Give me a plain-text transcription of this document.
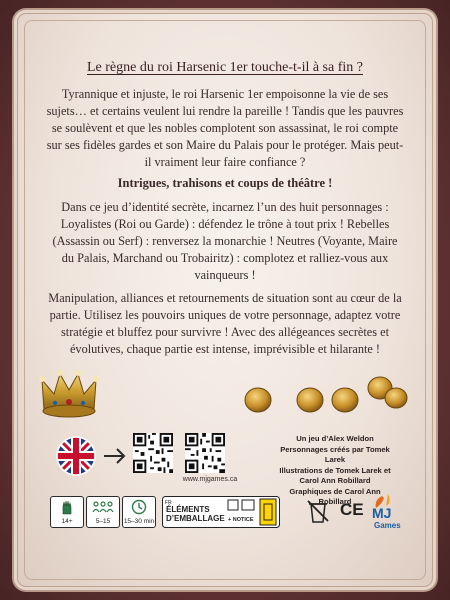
Le règne du roi Harsenic 1er touche-t-il à sa fin ?
Tyrannique et injuste, le roi Harsenic 1er empoisonne la vie de ses sujets… et certains veulent lui rendre la pareille ! Tandis que les pauvres se soulèvent et que les nobles complotent son assassinat, le roi compte sur ses fidèles gardes et son Maire du Palais pour le protéger. Mais peut-il vraiment leur faire confiance ?
Intrigues, trahisons et coups de théâtre !
Dans ce jeu d’identité secrète, incarnez l’un des huit personnages : Loyalistes (Roi ou Garde) : défendez le trône à tout prix ! Rebelles (Assassin ou Serf) : renversez la monarchie ! Neutres (Voyante, Maire du Palais, Marchand ou Trobairitz) : complotez et ralliez-vous aux vainqueurs !
Manipulation, alliances et retournements de situation sont au cœur de la partie. Utilisez les pouvoirs uniques de votre personnage, adaptez votre stratégie et bluffez pour survivre ! Avec des allégeances secrètes et évolutives, chaque partie est intense, imprévisible et hilarante !
www.mjgames.ca
Un jeu d’Alex Weldon
Personnages créés par Tomek Larek
Illustrations de Tomek Larek et
Carol Ann Robillard
Graphiques de Carol Ann Robillard
14+	5–15 15–30 min
FR
ÉLÉMENTS
D’EMBALLAGE + NOTICE
CE MJ
Games
